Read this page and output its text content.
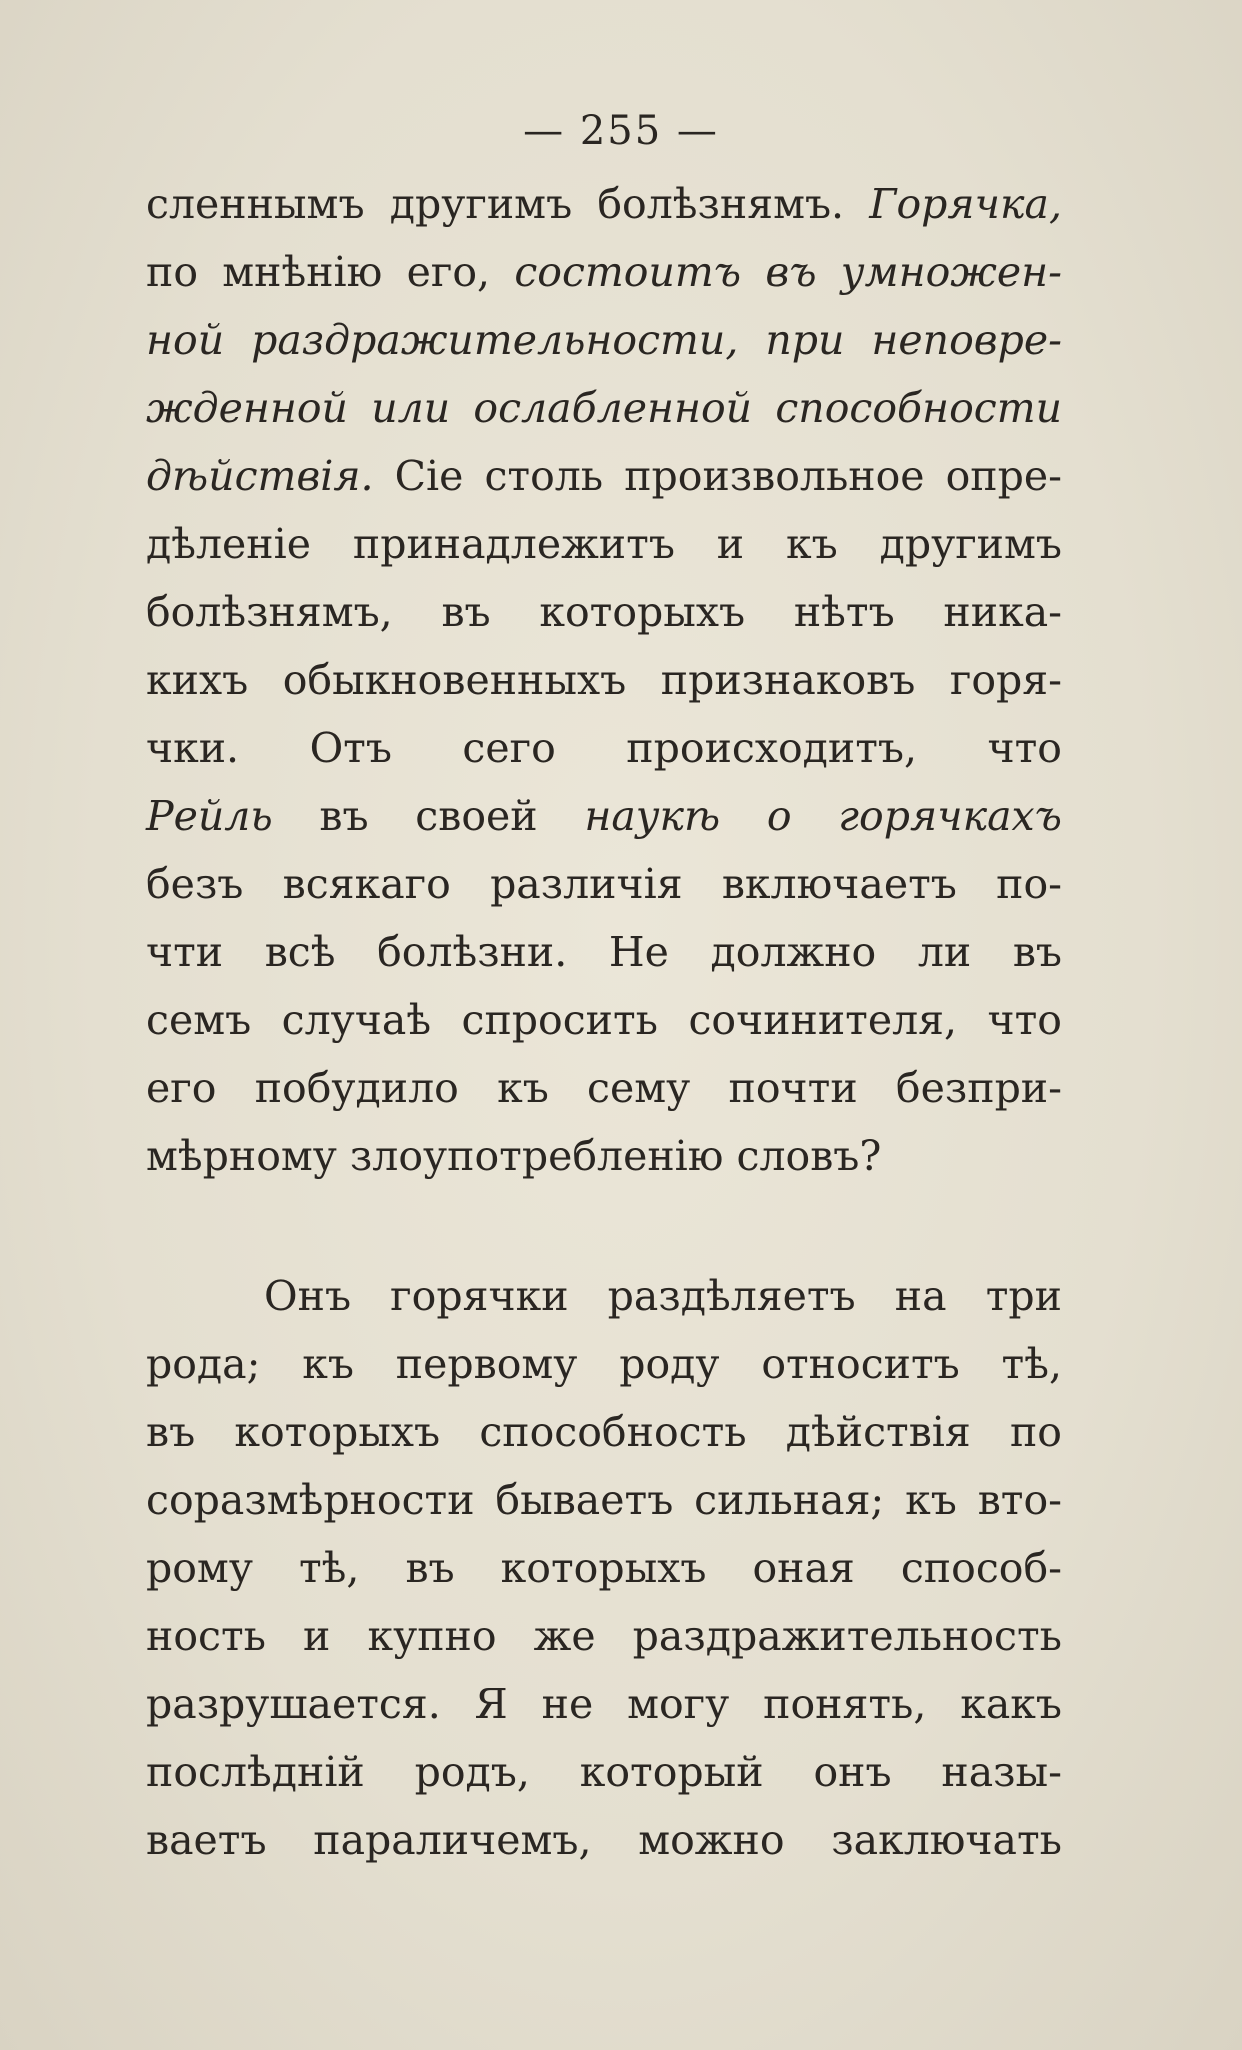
— 255 —
сленнымъ другимъ болѣзнямъ. Горячка,
по мнѣнію его, состоитъ въ умножен-
ной раздражительности, при неповре-
жденной или ослабленной способности
дѣйствія. Сіе столь произвольное опре-
дѣленіе принадлежитъ и къ другимъ
болѣзнямъ, въ которыхъ нѣтъ ника-
кихъ обыкновенныхъ признаковъ горя-
чки. Отъ сего происходитъ, что
Рейль въ своей наукѣ о горячкахъ
безъ всякаго различія включаетъ по-
чти всѣ болѣзни. Не должно ли въ
семъ случаѣ спросить сочинителя, что
его побудило къ сему почти безпри-
мѣрному злоупотребленію словъ?
Онъ горячки раздѣляетъ на три
рода; къ первому роду относитъ тѣ,
въ которыхъ способность дѣйствія по
соразмѣрности бываетъ сильная; къ вто-
рому тѣ, въ которыхъ оная способ-
ность и купно же раздражительность
разрушается. Я не могу понять, какъ
послѣдній родъ, который онъ назы-
ваетъ параличемъ, можно заключать
